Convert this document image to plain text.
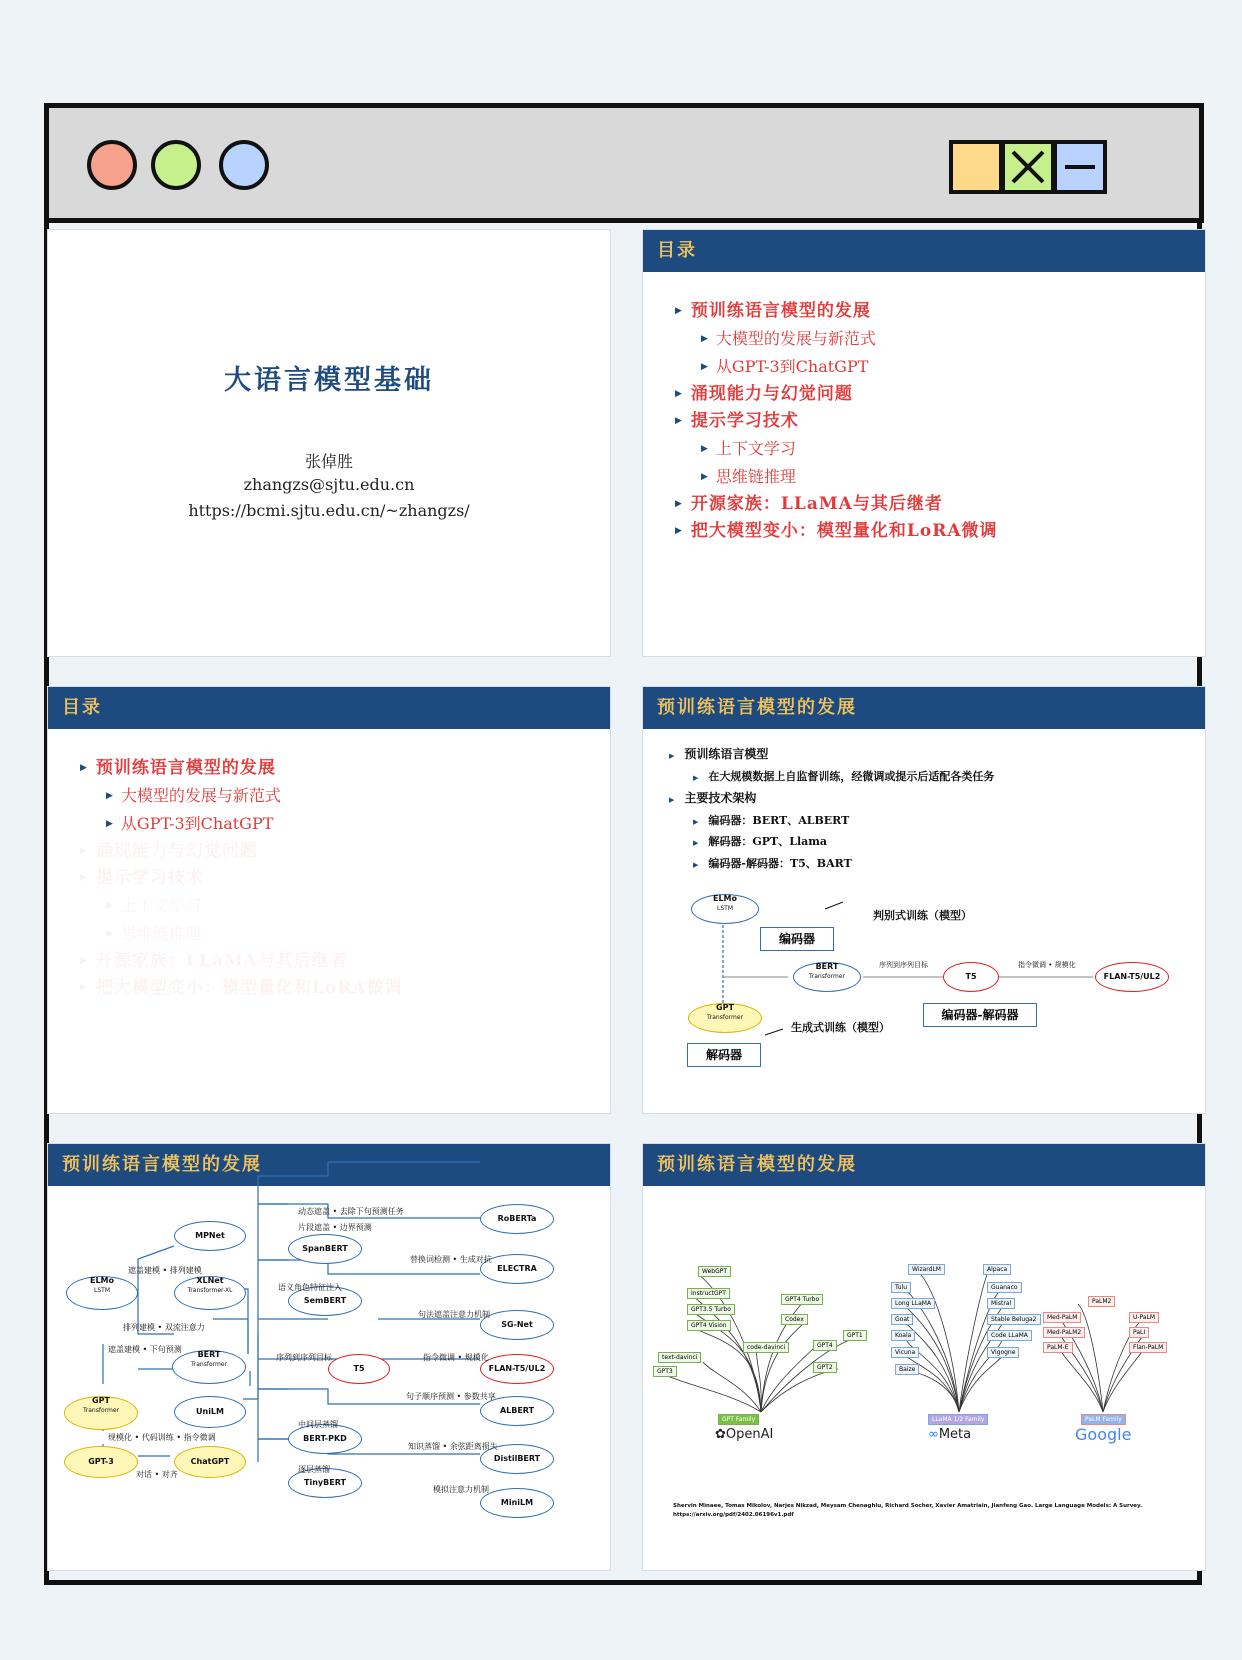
大语言模型基础
张倬胜
zhangzs@sjtu.edu.cn
https://bcmi.sjtu.edu.cn/~zhangzs/
目录
▶ 预训练语言模型的发展
▶ 大模型的发展与新范式
▶ 从GPT-3到ChatGPT
▶ 涌现能力与幻觉问题
▶ 提示学习技术
▶ 上下文学习
▶ 思维链推理
▶ 开源家族：LLaMA与其后继者
▶ 把大模型变小：模型量化和LoRA微调
目录
▶ 预训练语言模型的发展
▶ 大模型的发展与新范式
▶ 从GPT-3到ChatGPT
▶ 涌现能力与幻觉问题
▶ 提示学习技术
▶ 上下文学习
▶ 思维链推理
▶ 开源家族：LLaMA与其后继者
▶ 把大模型变小：模型量化和LoRA微调
预训练语言模型的发展
▶ 预训练语言模型
▶ 在大规模数据上自监督训练，经微调或提示后适配各类任务
▶ 主要技术架构
▶ 编码器：BERT、ALBERT
▶ 解码器：GPT、Llama
▶ 编码器-解码器：T5、BART
ELMo
LSTM
编码器
判别式训练（模型）
BERT
Transformer
序列到序列目标
T5
指令微调 • 规模化
FLAN-T5/UL2
编码器-解码器
GPT
Transformer
生成式训练（模型）
解码器
预训练语言模型的发展
MPNet
XLNet
Transformer-XL
ELMo
LSTM
BERT
Transformer
GPT
Transformer	UniLM
GPT-3	ChatGPT
RoBERTa
SpanBERT
ELECTRA
SemBERT
SG-Net
T5	FLAN-T5/UL2
ALBERT
BERT-PKD
DistilBERT
TinyBERT
MiniLM
动态遮盖 • 去除下句预测任务
片段遮盖 • 边界预测
替换词检测 • 生成对抗
语义角色特征注入
句法遮盖注意力机制
序列到序列目标	指令微调 • 规模化
句子顺序预测 • 参数共享
中间层蒸馏
知识蒸馏 • 余弦距离损失
逐层蒸馏
模拟注意力机制
遮盖建模 • 排列建模
排列建模 • 双流注意力
遮盖建模 • 下句预测
规模化 • 代码训练 • 指令微调
对话 • 对齐
预训练语言模型的发展
GPT Family	LLaMA 1/2 Family	PaLM Family
✿OpenAI	∞Meta	Google
Shervin Minaee, Tomas Mikolov, Narjes Nikzad, Meysam Chenaghlu, Richard Socher, Xavier Amatriain, Jianfeng Gao. Large Language Models: A Survey.
https://arxiv.org/pdf/2402.06196v1.pdf
WebGPT
InstructGPT
GPT3.5 Turbo
GPT4 Vision
GPT4 Turbo
Codex
code-davinci
text-davinci
GPT3
GPT2
GPT1
GPT4
WizardLM
Tulu
Long LLaMA
Goat
Koala
Vicuna
Baize
Alpaca
Guanaco
Mistral
Stable Beluga2
Code LLaMA
Vigogne
PaLM2
Med-PaLM
Med-PaLM2
U-PaLM
Flan-PaLM
PaLM-E
PaLI
